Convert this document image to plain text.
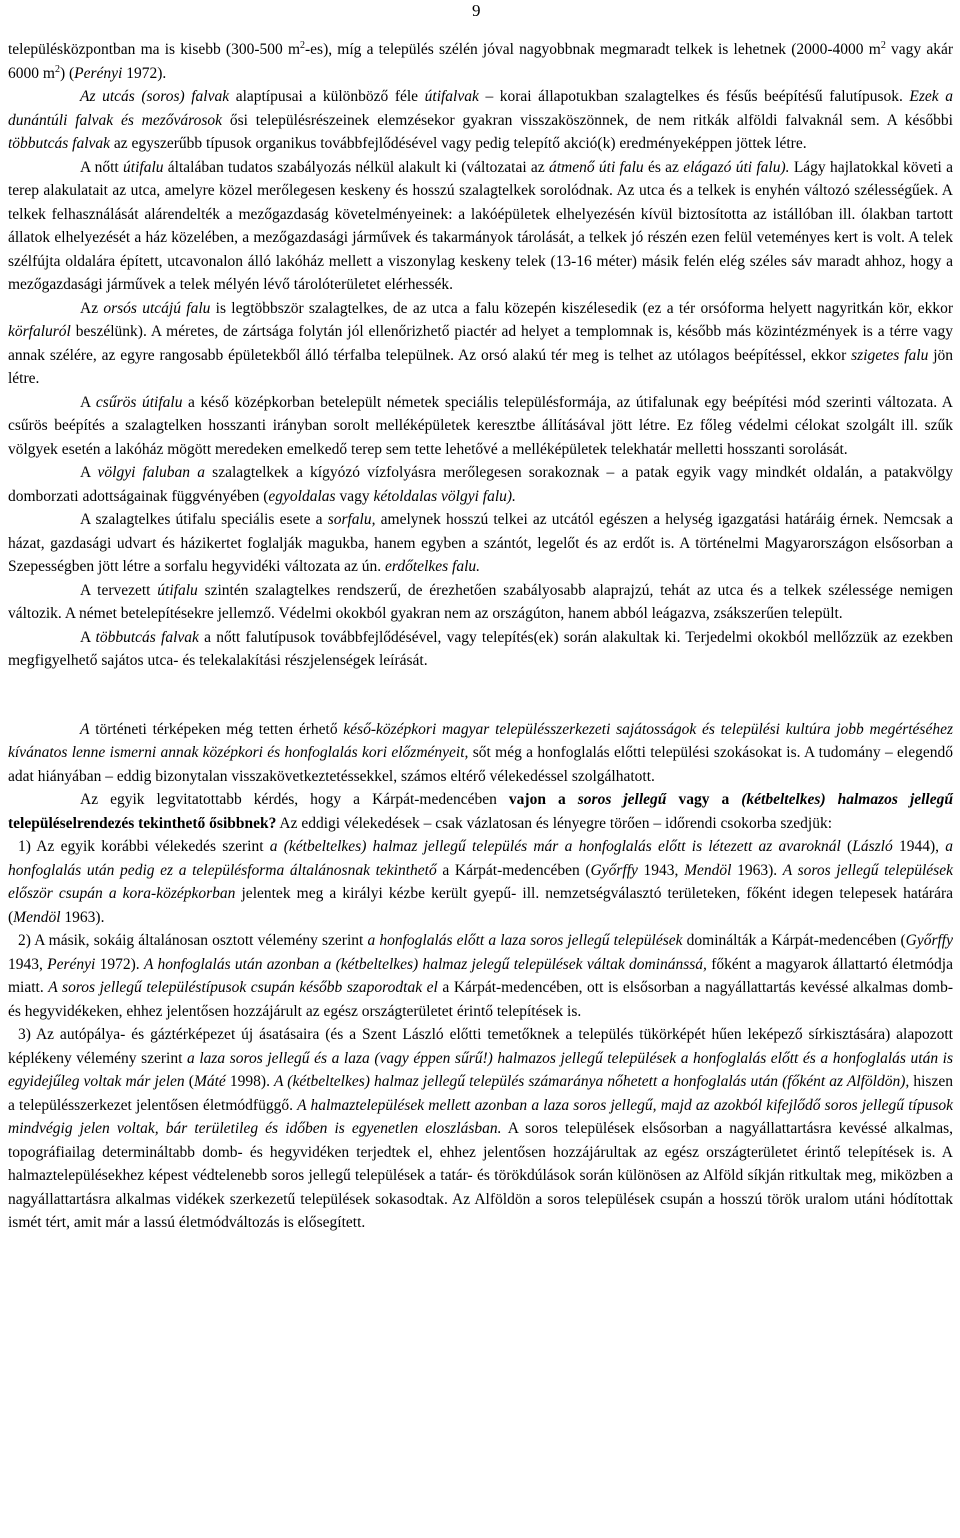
9

településközpontban ma is kisebb (300-500 $m^2-es$), míg a település szélén jóval nagyobbnak megmaradt telkek is lehetnek (2000-4000 $m^2$ vagy akár 6000 $m^2$) (Perényi 1972).

Az utcás (soros) falvak alaptípusai a különböző féle útifalvak – korai állapotukban szalagtelkes és fésűs beépítésű falutípusok. Ezek a dunántúli falvak és mezővárosok ősi településrészeinek elemzésekor gyakran visszaköszönnek, de nem ritkák alföldi falvaknál sem. A későbbi többutcás falvak az egyszerűbb típusok organikus továbbfejlődésével vagy pedig telepítő akció(k) eredményeképpen jöttek létre.

A nőtt útifalu általában tudatos szabályozás nélkül alakult ki (változatai az átmenő úti falu és az elágazó úti falu). Lágy hajlatokkal követi a terep alakulatait az utca, amelyre közel merőlegesen keskeny és hosszú szalagtelkek sorolódnak. Az utca és a telkek is enyhén változó szélességűek. A telkek felhasználását alárendelték a mezőgazdaság követelményeinek: a lakóépületek elhelyezésén kívül biztosította az istállóban ill. ólakban tartott állatok elhelyezését a ház közelében, a mezőgazdasági járművek és takarmányok tárolását, a telkek jó részén ezen felül veteményes kert is volt. A telek szélfújta oldalára épített, utcavonalon álló lakóház mellett a viszonylag keskeny telek (13-16 méter) másik felén elég széles sáv maradt ahhoz, hogy a mezőgazdasági járművek a telek mélyén lévő tárolóterületet elérhessék.

Az orsós utcájú falu is legtöbbször szalagtelkes, de az utca a falu közepén kiszélesedik (ez a tér orsóforma helyett nagyritkán kör, ekkor körfaluról beszélünk). A méretes, de zártsága folytán jól ellenőrizhető piactér ad helyet a templomnak is, később más közintézmények is a térre vagy annak szélére, az egyre rangosabb épületekből álló térfalba települnek. Az orsó alakú tér meg is telhet az utólagos beépítéssel, ekkor szigetes falu jön létre.

A csűrös útifalu a késő középkorban betelepült németek speciális településformája, az útifalunak egy beépítési mód szerinti változata. A csűrös beépítés a szalagtelken hosszanti irányban sorolt melléképületek keresztbe állításával jött létre. Ez főleg védelmi célokat szolgált ill. szűk völgyek esetén a lakóház mögött meredeken emelkedő terep sem tette lehetővé a melléképületek telekhatár melletti hosszanti sorolását.

A völgyi faluban a szalagtelkek a kígyózó vízfolyásra merőlegesen sorakoznak – a patak egyik vagy mindkét oldalán, a patakvölgy domborzati adottságainak függvényében (egyoldalas vagy kétoldalas völgyi falu).

A szalagtelkes útifalu speciális esete a sorfalu, amelynek hosszú telkei az utcától egészen a helység igazgatási határáig érnek. Nemcsak a házat, gazdasági udvart és házikertet foglalják magukba, hanem egyben a szántót, legelőt és az erdőt is. A történelmi Magyarországon elsősorban a Szepességben jött létre a sorfalu hegyvidéki változata az ún. erdőtelkes falu.

A tervezett útifalu szintén szalagtelkes rendszerű, de érezhetően szabályosabb alaprajzú, tehát az utca és a telkek szélessége nemigen változik. A német betelepítésekre jellemző. Védelmi okokból gyakran nem az országúton, hanem abból leágazva, zsákszerűen települt.

A többutcás falvak a nőtt falutípusok továbbfejlődésével, vagy telepítés(ek) során alakultak ki. Terjedelmi okokból mellőzzük az ezekben megfigyelhető sajátos utca- és telekalakítási részjelenségek leírását.

A történeti térképeken még tetten érhető késő-középkori magyar településszerkezeti sajátosságok és települési kultúra jobb megértéséhez kívánatos lenne ismerni annak középkori és honfoglalás kori előzményeit, sőt még a honfoglalás előtti települési szokásokat is. A tudomány – elegendő adat hiányában – eddig bizonytalan visszakövetkeztetéssekkel, számos eltérő vélekedéssel szolgálhatott.

Az egyik legvitatottabb kérdés, hogy a Kárpát-medencében vajon a soros jellegű vagy a (kétbeltelkes) halmazos jellegű településelrendezés tekinthető ősibbnek? Az eddigi vélekedések – csak vázlatosan és lényegre törően – időrendi csokorba szedjük:

1) Az egyik korábbi vélekedés szerint a (kétbeltelkes) halmaz jellegű település már a honfoglalás előtt is létezett az avaroknál (László 1944), a honfoglalás után pedig ez a településforma általánosnak tekinthető a Kárpát-medencében (Győrffy 1943, Mendöl 1963). A soros jellegű települések először csupán a kora-középkorban jelentek meg a királyi kézbe került gyepű- ill. nemzetségválasztó területeken, főként idegen telepesek határára (Mendöl 1963).

2) A másik, sokáig általánosan osztott vélemény szerint a honfoglalás előtt a laza soros jellegű települések dominálták a Kárpát-medencében (Győrffy 1943, Perényi 1972). A honfoglalás után azonban a (kétbeltelkes) halmaz jelegű települések váltak dominánssá, főként a magyarok állattartó életmódja miatt. A soros jellegű településtípusok csupán később szaporodtak el a Kárpát-medencében, ott is elsősorban a nagyállattartás kevéssé alkalmas domb- és hegyvidékeken, ehhez jelentősen hozzájárult az egész országterületet érintő telepítések is.

3) Az autópálya- és gáztérképezet új ásatásaira (és a Szent László előtti temetőknek a település tükörképét hűen leképező sírkisztására) alapozott képlékeny vélemény szerint a laza soros jellegű és a laza (vagy éppen sűrű!) halmazos jellegű települések a honfoglalás előtt és a honfoglalás után is egyidejűleg voltak már jelen (Máté 1998). A (kétbeltelkes) halmaz jellegű település számaránya nőhetett a honfoglalás után (főként az Alföldön), hiszen a településszerkezet jelentősen életmódfüggő. A halmaztelepülések mellett azonban a laza soros jellegű, majd az azokból kifejlődő soros jellegű típusok mindvégig jelen voltak, bár területileg és időben is egyenetlen eloszlásban. A soros települések elsősorban a nagyállattartásra kevéssé alkalmas, topográfiailag determináltabb domb- és hegyvidéken terjedtek el, ehhez jelentősen hozzájárultak az egész országterületet érintő telepítések is. A halmaztelepülésekhez képest védtelenebb soros jellegű települések a tatár- és törökdúlások során különösen az Alföld síkján ritkultak meg, miközben a nagyállattartásra alkalmas vidékek szerkezetű települések sokasodtak. Az Alföldön a soros települések csupán a hosszú török uralom utáni hódítottak ismét tért, amit már a lassú életmódváltozás is elősegített.
